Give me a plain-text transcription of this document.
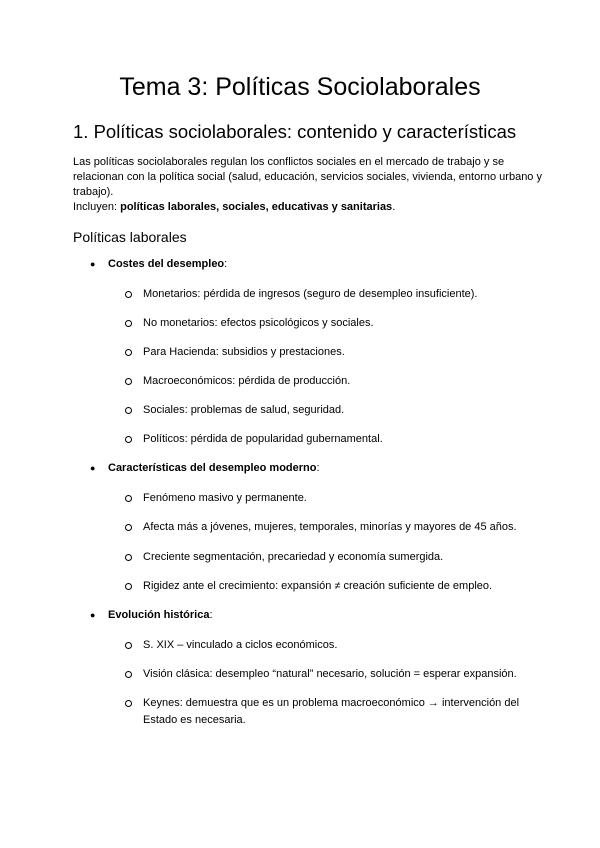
Tema 3: Políticas Sociolaborales
1. Políticas sociolaborales: contenido y características

Las políticas sociolaborales regulan los conflictos sociales en el mercado de trabajo y se relacionan con la política social (salud, educación, servicios sociales, vivienda, entorno urbano y trabajo).

Incluyen: políticas laborales, sociales, educativas y sanitarias.

Políticas laborales
● Costes del desempleo:
Monetarios: pérdida de ingresos (seguro de desempleo insuficiente).
No monetarios: efectos psicológicos y sociales.
Para Hacienda: subsidios y prestaciones.
Macroeconómicos: pérdida de producción.
Sociales: problemas de salud, seguridad.
Políticos: pérdida de popularidad gubernamental.
● Características del desempleo moderno:
Fenómeno masivo y permanente.
Afecta más a jóvenes, mujeres, temporales, minorías y mayores de 45 años.
Creciente segmentación, precariedad y economía sumergida.
Rigidez ante el crecimiento: expansión ≠ creación suficiente de empleo.
● Evolución histórica:
S. XIX – vinculado a ciclos económicos.
Visión clásica: desempleo “natural” necesario, solución = esperar expansión.
Keynes: demuestra que es un problema macroeconómico → intervención del Estado es necesaria.
